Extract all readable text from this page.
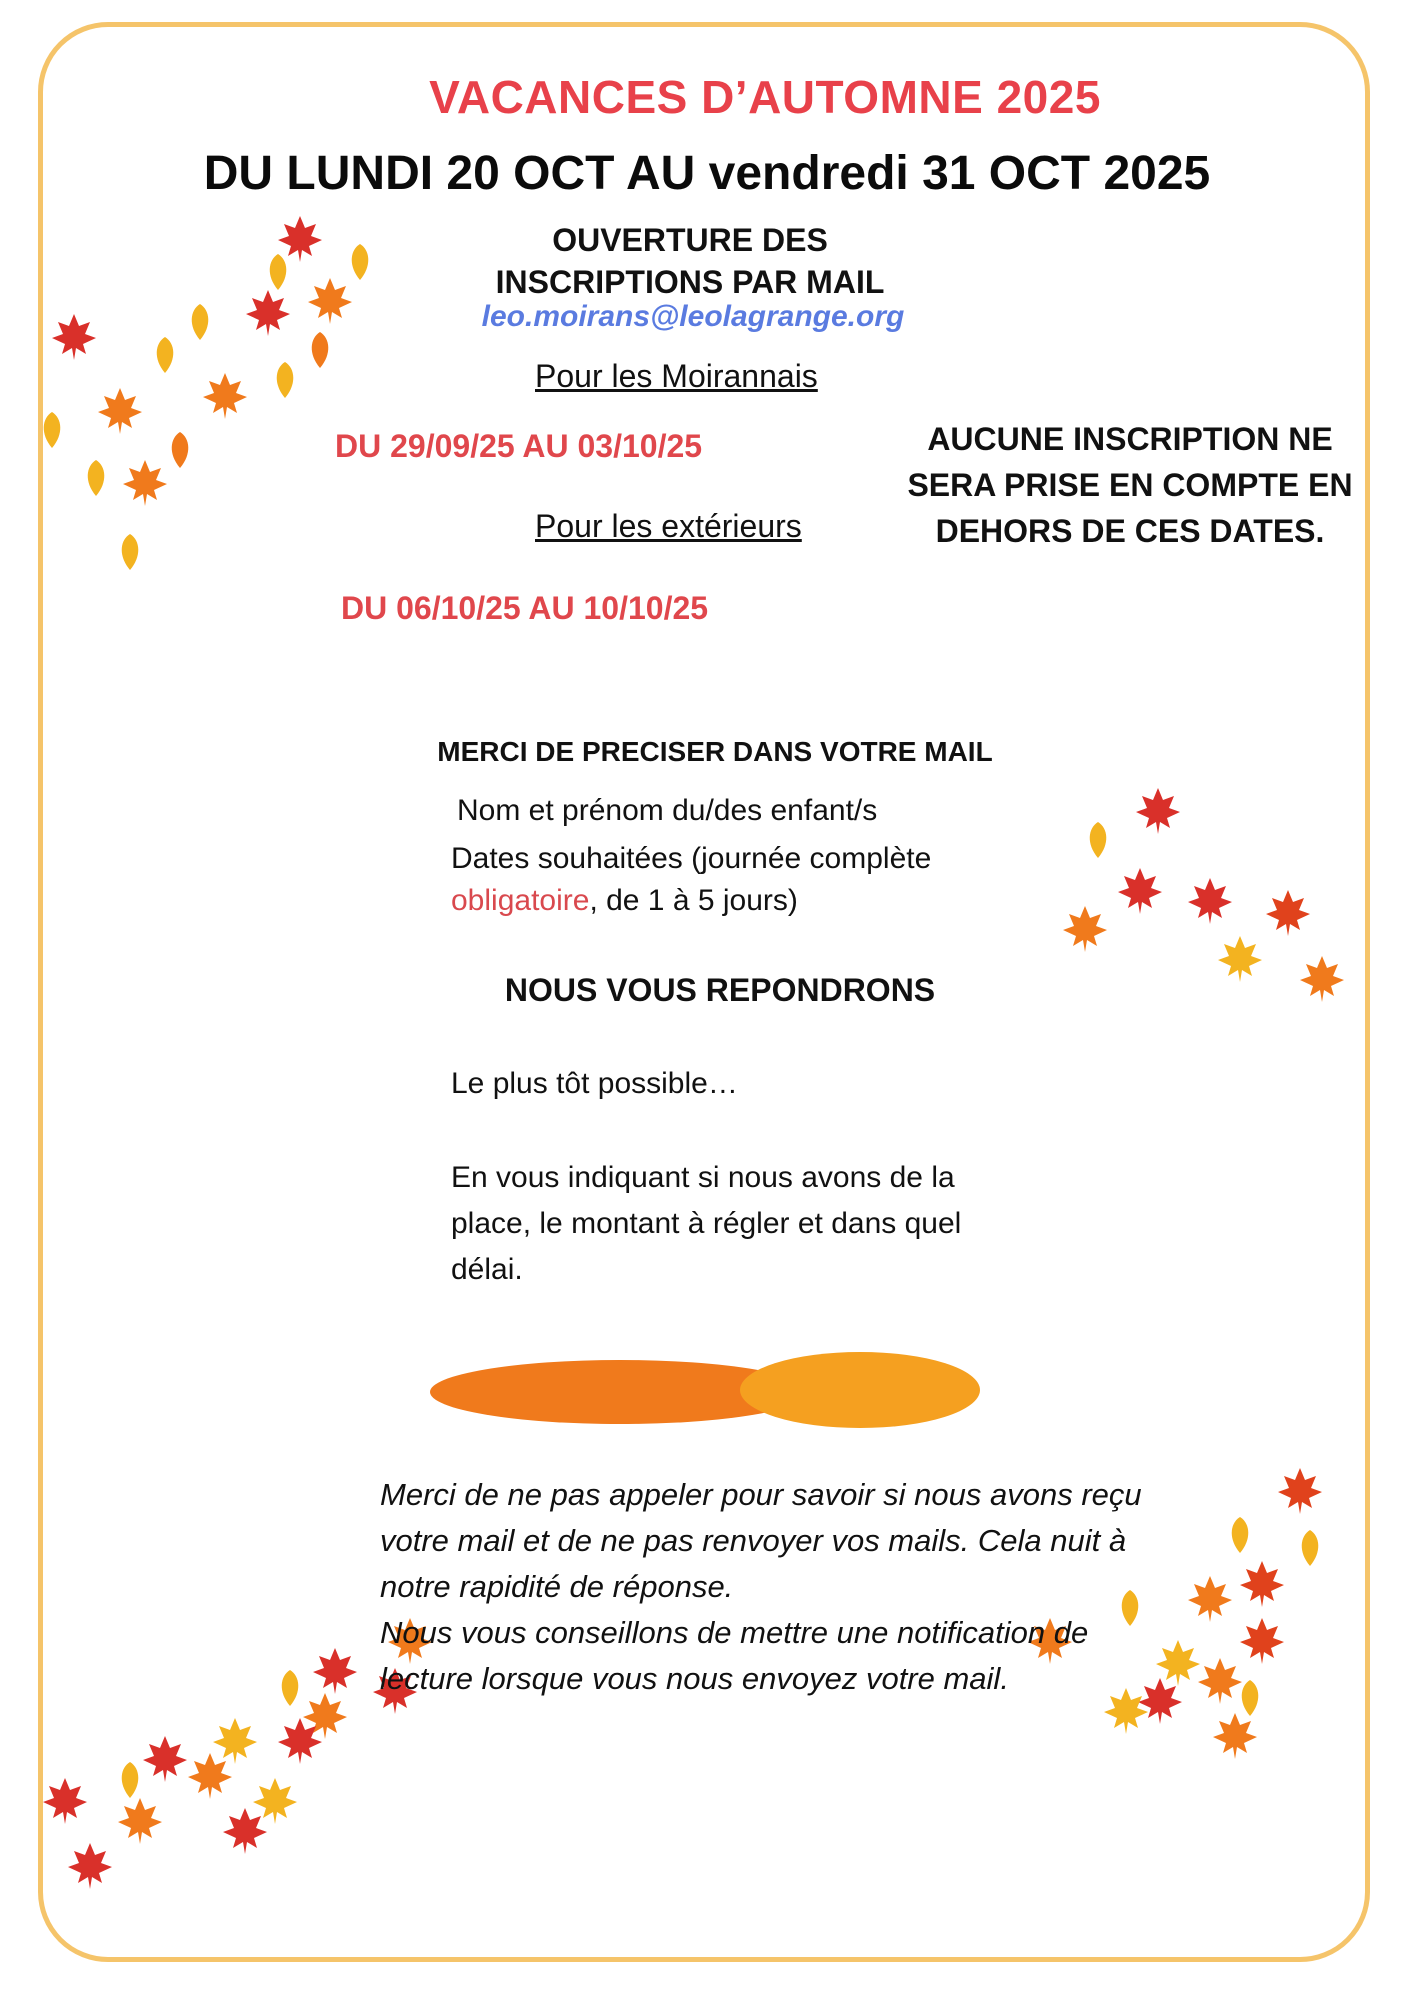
VACANCES D’AUTOMNE 2025
DU LUNDI 20 OCT AU vendredi 31 OCT 2025
OUVERTURE DES
INSCRIPTIONS PAR MAIL
leo.moirans@leolagrange.org
Pour les Moirannais
DU 29/09/25 AU 03/10/25
Pour les extérieurs
DU 06/10/25 AU 10/10/25
AUCUNE INSCRIPTION NE SERA PRISE EN COMPTE EN DEHORS DE CES DATES.
MERCI DE PRECISER DANS VOTRE MAIL
Nom et prénom du/des enfant/s
Dates souhaitées (journée complète
obligatoire, de 1 à 5 jours)
NOUS VOUS REPONDRONS
Le plus tôt possible…
En vous indiquant si nous avons de la place, le montant à régler et dans quel délai.
Merci de ne pas appeler pour savoir si nous avons reçu votre mail et de ne pas renvoyer vos mails. Cela nuit à notre rapidité de réponse.
Nous vous conseillons de mettre une notification de lecture lorsque vous nous envoyez votre mail.
